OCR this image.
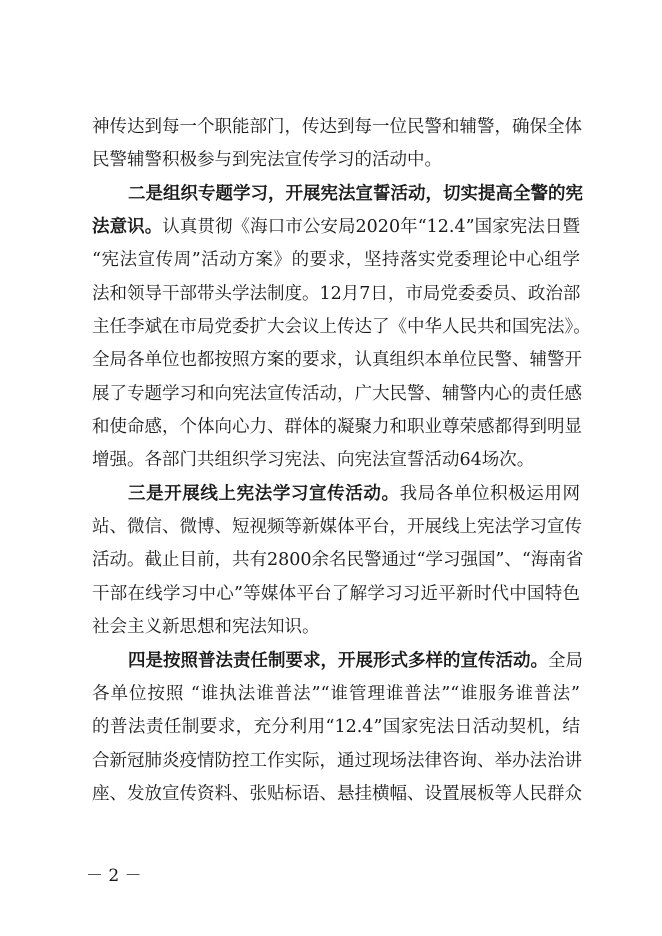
神传达到每一个职能部门，传达到每一位民警和辅警，确保全体
民警辅警积极参与到宪法宣传学习的活动中。
二是组织专题学习，开展宪法宣誓活动，切实提高全警的宪
法意识。认真贯彻《海口市公安局2020年“12.4”国家宪法日暨
“宪法宣传周”活动方案》的要求，坚持落实党委理论中心组学
法和领导干部带头学法制度。12月7日，市局党委委员、政治部
主任李斌在市局党委扩大会议上传达了《中华人民共和国宪法》。
全局各单位也都按照方案的要求，认真组织本单位民警、辅警开
展了专题学习和向宪法宣传活动，广大民警、辅警内心的责任感
和使命感，个体向心力、群体的凝聚力和职业尊荣感都得到明显
增强。各部门共组织学习宪法、向宪法宣誓活动64场次。
三是开展线上宪法学习宣传活动。我局各单位积极运用网
站、微信、微博、短视频等新媒体平台，开展线上宪法学习宣传
活动。截止目前，共有2800余名民警通过“学习强国”、“海南省
干部在线学习中心”等媒体平台了解学习习近平新时代中国特色
社会主义新思想和宪法知识。
四是按照普法责任制要求，开展形式多样的宣传活动。全局
各单位按照 “谁执法谁普法”“谁管理谁普法”“谁服务谁普法”
的普法责任制要求，充分利用“12.4”国家宪法日活动契机，结
合新冠肺炎疫情防控工作实际，通过现场法律咨询、举办法治讲
座、发放宣传资料、张贴标语、悬挂横幅、设置展板等人民群众
－ 2 －
